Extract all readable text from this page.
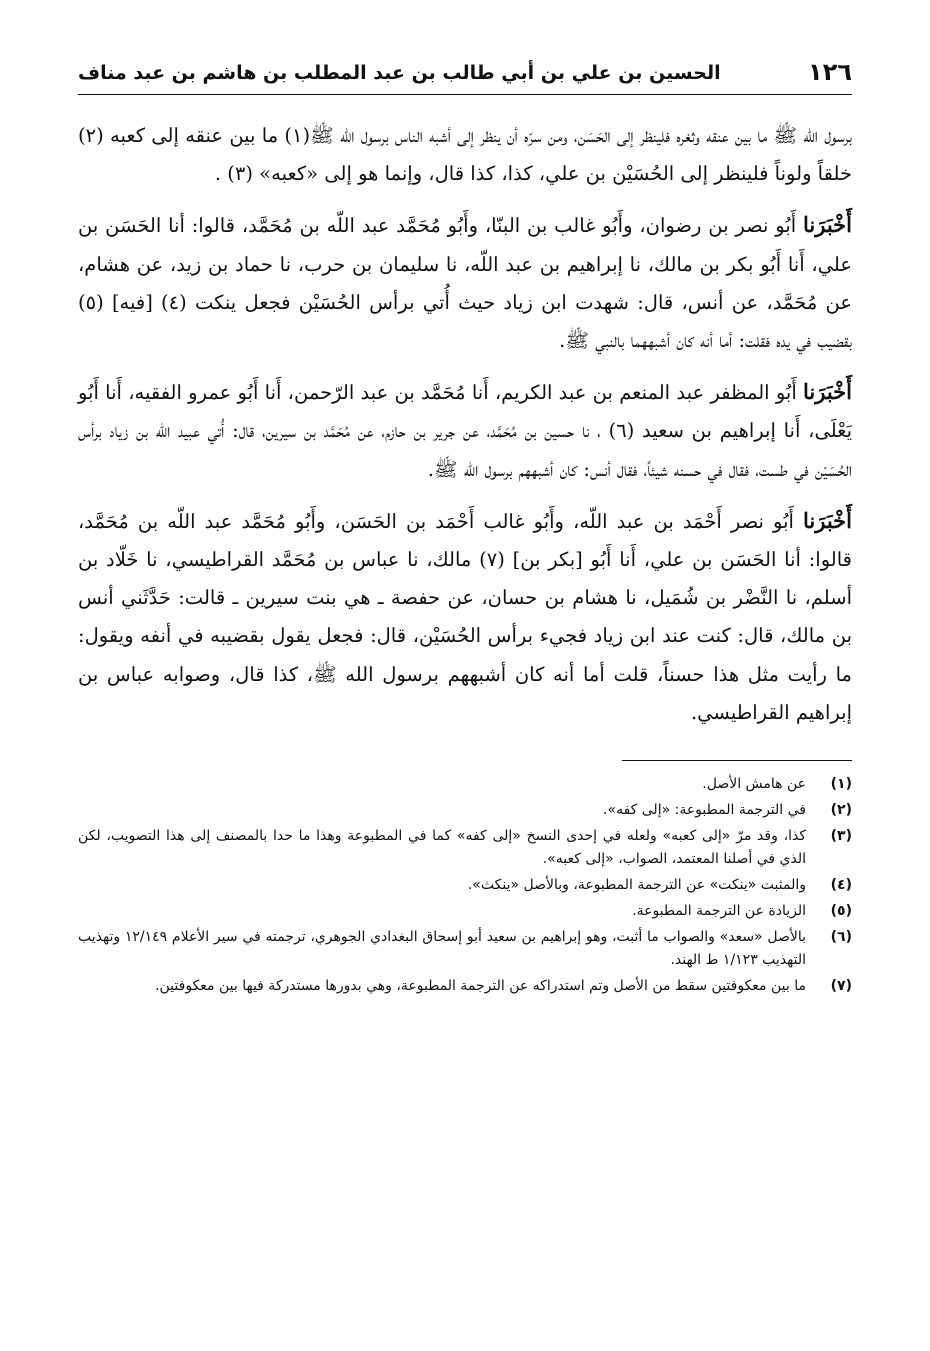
١٢٦
الحسين بن علي بن أبي طالب بن عبد المطلب بن هاشم بن عبد مناف

برسول الله ﷺ ما بين عنقه وثغره فلينظر إلى الحَسَن، ومن سرّه أن ينظر إلى أشبه الناس برسول الله ﷺ(١) ما بين عنقه إلى كعبه (٢) خلقاً ولوناً فلينظر إلى الحُسَيْن بن علي، كذا، كذا قال، وإنما هو إلى «كعبه» (٣) .

أَخْبَرَنا أَبُو نصر بن رضوان، وأَبُو غالب بن البنّا، وأَبُو مُحَمَّد عبد اللّه بن مُحَمَّد، قالوا: أنا الحَسَن بن علي، أَنا أَبُو بكر بن مالك، نا إبراهيم بن عبد اللّه، نا سليمان بن حرب، نا حماد بن زيد، عن هشام، عن مُحَمَّد، عن أنس، قال: شهدت ابن زياد حيث أُتي برأس الحُسَيْن فجعل ينكت (٤) [فيه] (٥) بقضيب في يده فقلت: أما أنه كان أشبههما بالنبي ﷺ.

أَخْبَرَنا أَبُو المظفر عبد المنعم بن عبد الكريم، أَنا مُحَمَّد بن عبد الرّحمن، أَنا أَبُو عمرو الفقيه، أَنا أَبُو يَعْلَى، أَنا إبراهيم بن سعيد (٦) ، نا حسين بن مُحَمَّد، عن جرير بن حازم، عن مُحَمَّد بن سيرين، قال: أُتي عبيد اللّه بن زياد برأس الحُسَيْن في طست، فقال في حسنه شيئاً، فقال أنس: كان أشبههم برسول الله ﷺ.

أَخْبَرَنا أَبُو نصر أَحْمَد بن عبد اللّه، وأَبُو غالب أَحْمَد بن الحَسَن، وأَبُو مُحَمَّد عبد اللّه بن مُحَمَّد، قالوا: أنا الحَسَن بن علي، أَنا أَبُو [بكر بن] (٧) مالك، نا عباس بن مُحَمَّد القراطيسي، نا خَلّاد بن أسلم، نا النَّضْر بن شُمَيل، نا هشام بن حسان، عن حفصة ـ هي بنت سيرين ـ قالت: حَدَّثَني أنس بن مالك، قال: كنت عند ابن زياد فجيء برأس الحُسَيْن، قال: فجعل يقول بقضيبه في أنفه ويقول: ما رأيت مثل هذا حسناً، قلت أما أنه كان أشبههم برسول الله ﷺ، كذا قال، وصوابه عباس بن إبراهيم القراطيسي.

(١)
عن هامش الأصل.
(٢)
في الترجمة المطبوعة: «إلى كفه».
(٣)
كذا، وقد مرّ «إلى كعبه» ولعله في إحدى النسخ «إلى كفه» كما في المطبوعة وهذا ما حدا بالمصنف إلى هذا التصويب، لكن الذي في أصلنا المعتمد، الصواب، «إلى كعبه».
(٤)
والمثبت «ينكت» عن الترجمة المطبوعة، وبالأصل «ينكث».
(٥)
الزيادة عن الترجمة المطبوعة.
(٦)
بالأصل «سعد» والصواب ما أثبت، وهو إبراهيم بن سعيد أبو إسحاق البغدادي الجوهري، ترجمته في سير الأعلام ١٢/١٤٩ وتهذيب التهذيب ١/١٢٣ ط الهند.
(٧)
ما بين معكوفتين سقط من الأصل وتم استدراكه عن الترجمة المطبوعة، وهي بدورها مستدركة فيها بين معكوفتين.
